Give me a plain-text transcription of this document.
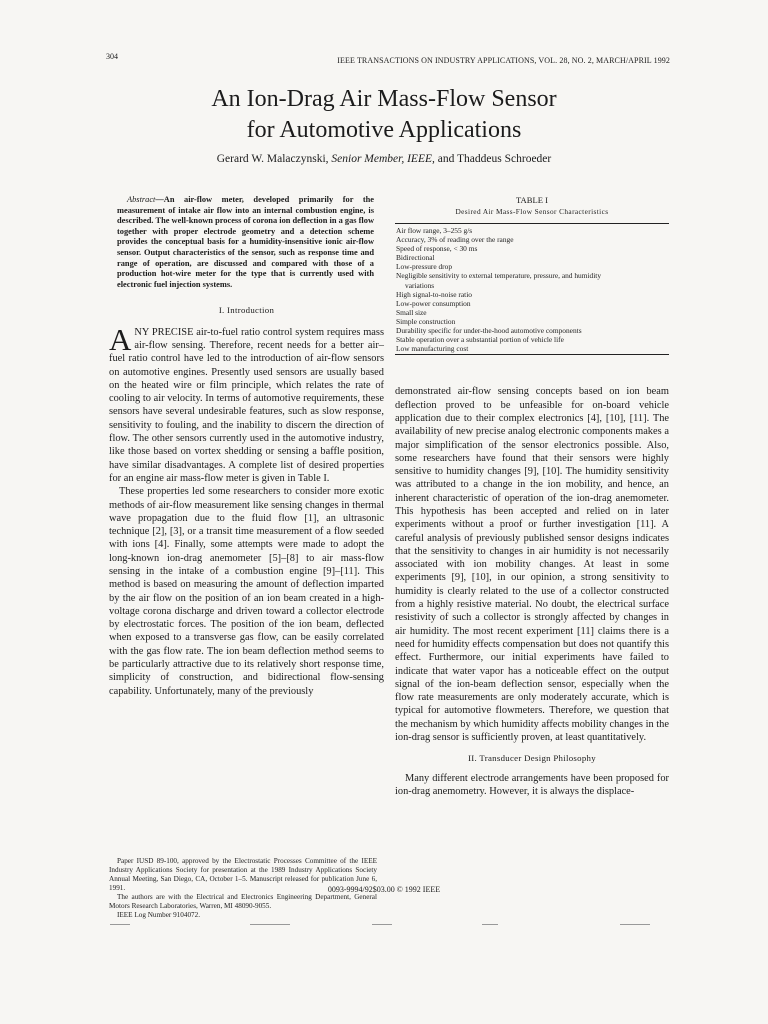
304	IEEE TRANSACTIONS ON INDUSTRY APPLICATIONS, VOL. 28, NO. 2, MARCH/APRIL 1992
An Ion-Drag Air Mass-Flow Sensor
for Automotive Applications
Gerard W. Malaczynski, Senior Member, IEEE, and Thaddeus Schroeder
Abstract—An air-flow meter, developed primarily for the measurement of intake air flow into an internal combustion engine, is described. The well-known process of corona ion deflection in a gas flow together with proper electrode geometry and a detection scheme provides the conceptual basis for a humidity-insensitive ionic air-flow sensor. Output characteristics of the sensor, such as response time and range of operation, are discussed and compared with those of a production hot-wire meter for the type that is currently used with electronic fuel injection systems.
I. Introduction

ANY PRECISE air-to-fuel ratio control system requires mass air-flow sensing. Therefore, recent needs for a better air–fuel ratio control have led to the introduction of air-flow sensors on automotive engines. Presently used sensors are usually based on the heated wire or film principle, which relates the rate of cooling to air velocity. In terms of automotive requirements, these sensors have several undesirable features, such as slow response, sensitivity to fouling, and the inability to discern the direction of flow. The other sensors currently used in the automotive industry, like those based on vortex shedding or sensing a baffle position, have similar disadvantages. A complete list of desired properties for an engine air mass-flow meter is given in Table I.

These properties led some researchers to consider more exotic methods of air-flow measurement like sensing changes in thermal wave propagation due to the fluid flow [1], an ultrasonic technique [2], [3], or a transit time measurement of a flow seeded with ions [4]. Finally, some attempts were made to adopt the long-known ion-drag anemometer [5]–[8] to air mass-flow sensing in the intake of a combustion engine [9]–[11]. This method is based on measuring the amount of deflection imparted by the air flow on the position of an ion beam created in a high-voltage corona discharge and driven toward a collector electrode by electrostatic forces. The position of the ion beam, deflected when exposed to a transverse gas flow, can be easily correlated with the gas flow rate. The ion beam deflection method seems to be particularly attractive due to its relatively short response time, simplicity of construction, and bidirectional flow-sensing capability. Unfortunately, many of the previously

Paper IUSD 89-100, approved by the Electrostatic Processes Committee of the IEEE Industry Applications Society for presentation at the 1989 Industry Applications Society Annual Meeting, San Diego, CA, October 1–5. Manuscript released for publication June 6, 1991.

The authors are with the Electrical and Electronics Engineering Department, General Motors Research Laboratories, Warren, MI 48090-9055.

IEEE Log Number 9104072.

TABLE I
Desired Air Mass-Flow Sensor Characteristics
Air flow range, 3–255 g/s
Accuracy, 3% of reading over the range
Speed of response, < 30 ms
Bidirectional
Low-pressure drop
Negligible sensitivity to external temperature, pressure, and humidity
variations
High signal-to-noise ratio
Low-power consumption
Small size
Simple construction
Durability specific for under-the-hood automotive components
Stable operation over a substantial portion of vehicle life
Low manufacturing cost

demonstrated air-flow sensing concepts based on ion beam deflection proved to be unfeasible for on-board vehicle application due to their complex electronics [4], [10], [11]. The availability of new precise analog electronic components makes a major simplification of the sensor electronics possible. Also, some researchers have found that their sensors were highly sensitive to humidity changes [9], [10]. The humidity sensitivity was attributed to a change in the ion mobility, and hence, an inherent characteristic of operation of the ion-drag anemometer. This hypothesis has been accepted and relied on in later experiments without a proof or further investigation [11]. A careful analysis of previously published sensor designs indicates that the sensitivity to changes in air humidity is not necessarily associated with ion mobility changes. At least in some experiments [9], [10], in our opinion, a strong sensitivity to humidity is clearly related to the use of a collector constructed from a highly resistive material. No doubt, the electrical surface resistivity of such a collector is strongly affected by changes in air humidity. The most recent experiment [11] claims there is a need for humidity effects compensation but does not quantify this effect. Furthermore, our initial experiments have failed to indicate that water vapor has a noticeable effect on the output signal of the ion-beam deflection sensor, especially when the flow rate measurements are only moderately accurate, which is typical for automotive flowmeters. Therefore, we question that the mechanism by which humidity affects mobility changes in the ion-drag sensor is sufficiently proven, at least quantitatively.

II. Transducer Design Philosophy

Many different electrode arrangements have been proposed for ion-drag anemometry. However, it is always the displace-

0093-9994/92$03.00 © 1992 IEEE
